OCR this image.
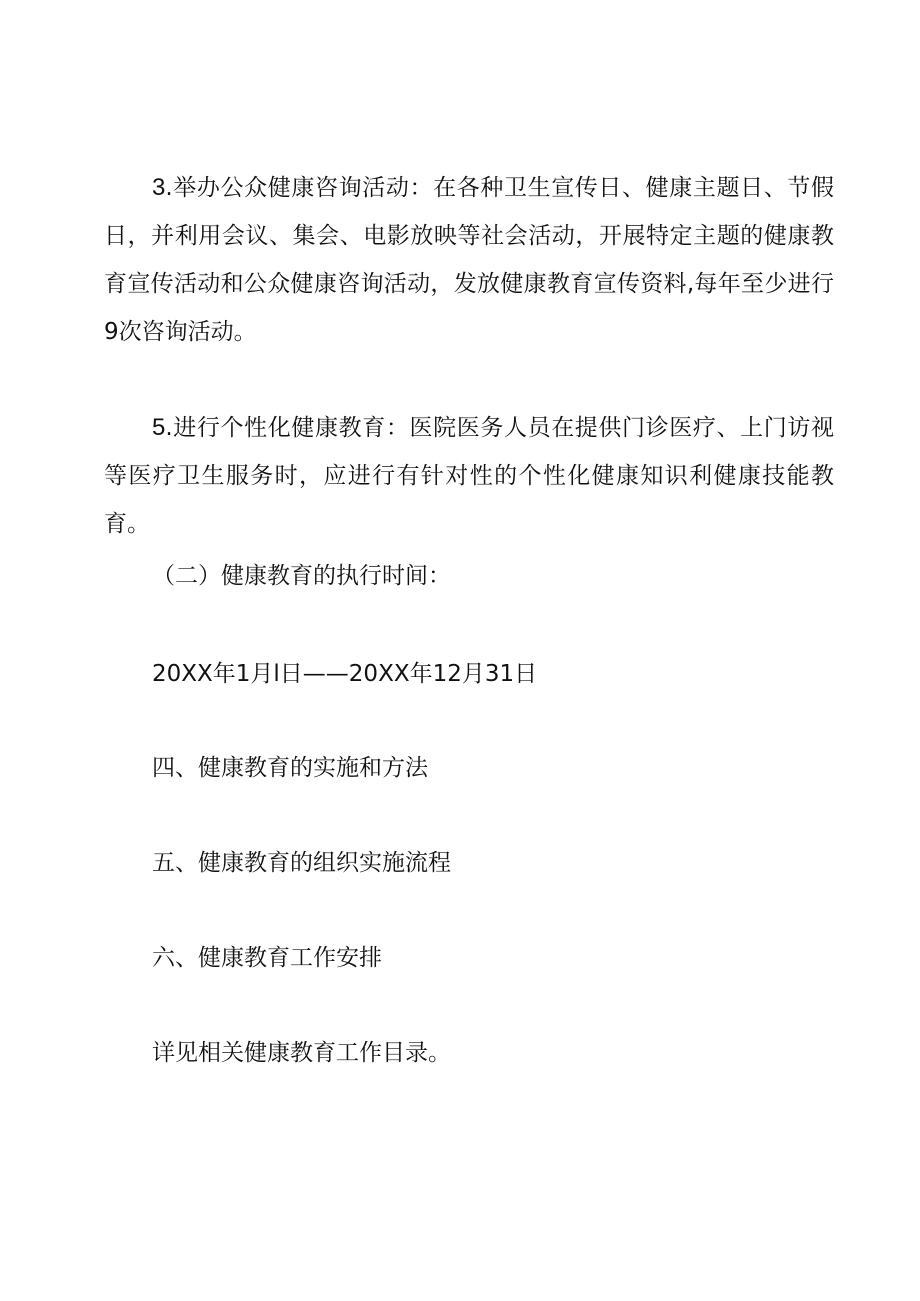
3.举办公众健康咨询活动：在各种卫生宣传日、健康主题日、节假日，并利用会议、集会、电影放映等社会活动，开展特定主题的健康教育宣传活动和公众健康咨询活动，发放健康教育宣传资料,每年至少进行9次咨询活动。

5.进行个性化健康教育：医院医务人员在提供门诊医疗、上门访视等医疗卫生服务时，应进行有针对性的个性化健康知识利健康技能教育。

（二）健康教育的执行时间：

20XX年1月l日——20XX年12月31日

四、健康教育的实施和方法

五、健康教育的组织实施流程

六、健康教育工作安排

详见相关健康教育工作目录。
